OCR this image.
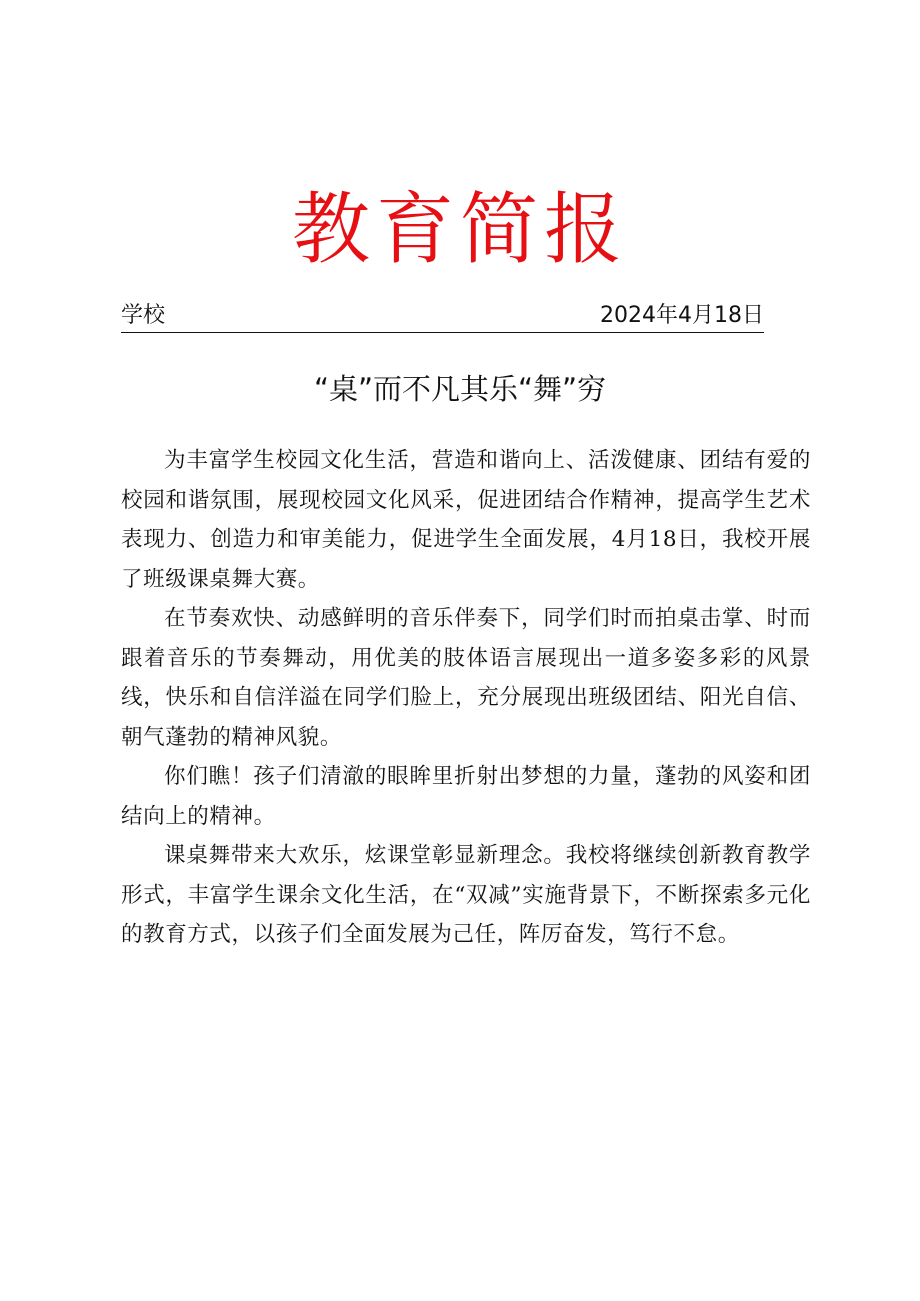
教育简报
学校	2024年4月18日
“桌”而不凡其乐“舞”穷

为丰富学生校园文化生活，营造和谐向上、活泼健康、团结有爱的校园和谐氛围，展现校园文化风采，促进团结合作精神，提高学生艺术表现力、创造力和审美能力，促进学生全面发展，4月18日，我校开展了班级课桌舞大赛。

在节奏欢快、动感鲜明的音乐伴奏下，同学们时而拍桌击掌、时而跟着音乐的节奏舞动，用优美的肢体语言展现出一道多姿多彩的风景线，快乐和自信洋溢在同学们脸上，充分展现出班级团结、阳光自信、朝气蓬勃的精神风貌。

你们瞧！孩子们清澈的眼眸里折射出梦想的力量，蓬勃的风姿和团结向上的精神。

课桌舞带来大欢乐，炫课堂彰显新理念。我校将继续创新教育教学形式，丰富学生课余文化生活，在“双减”实施背景下，不断探索多元化的教育方式，以孩子们全面发展为己任，阵厉奋发，笃行不怠。
